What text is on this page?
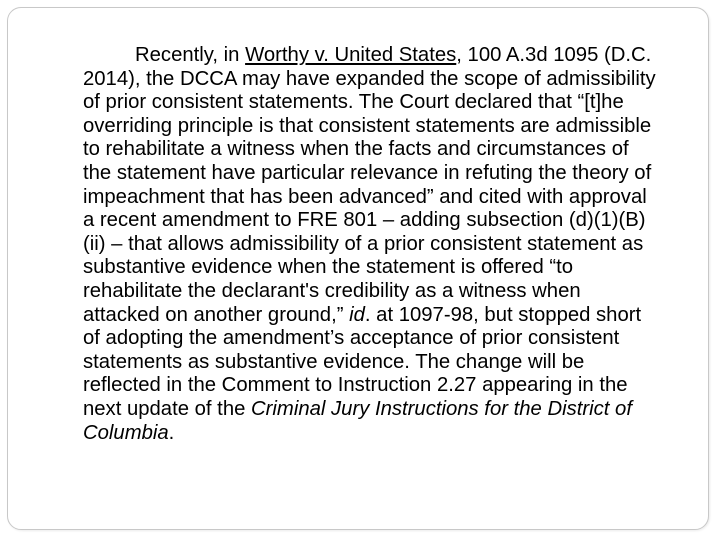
Recently, in Worthy v. United States, 100 A.3d 1095 (D.C. 2014), the DCCA may have expanded the scope of admissibility of prior consistent statements. The Court declared that “[t]he overriding principle is that consistent statements are admissible to rehabilitate a witness when the facts and circumstances of the statement have particular relevance in refuting the theory of impeachment that has been advanced” and cited with approval a recent amendment to FRE 801 – adding subsection (d)(1)(B)(ii) – that allows admissibility of a prior consistent statement as substantive evidence when the statement is offered “to rehabilitate the declarant's credibility as a witness when attacked on another ground,” id. at 1097-98, but stopped short of adopting the amendment’s acceptance of prior consistent statements as substantive evidence. The change will be reflected in the Comment to Instruction 2.27 appearing in the next update of the Criminal Jury Instructions for the District of Columbia.
